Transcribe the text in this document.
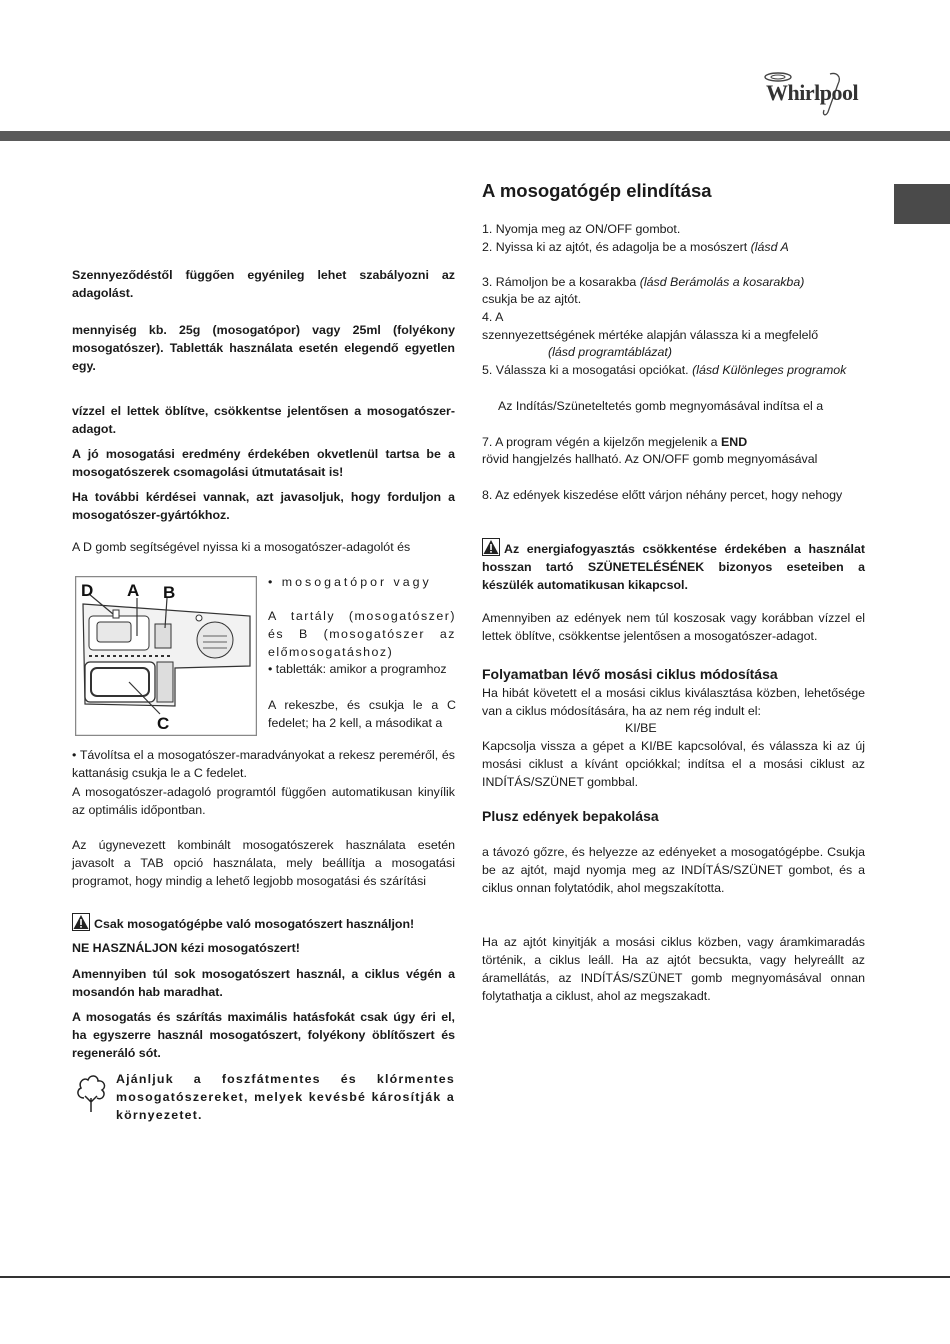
Whirlpool
A mosogatógép elindítása

1. Nyomja meg az ON/OFF gombot.

2. Nyissa ki az ajtót, és adagolja be a mosószert (lásd A

3. Rámoljon be a kosarakba (lásd Berámolás a kosarakba)

csukja be az ajtót.

4. A

szennyezettségének mértéke alapján válassza ki a megfelelő

(lásd programtáblázat)

5. Válassza ki a mosogatási opciókat. (lásd Különleges programok

Az Indítás/Szüneteltetés gomb megnyomásával indítsa el a

7. A program végén a kijelzőn megjelenik a END

rövid hangjelzés hallható. Az ON/OFF gomb megnyomásával

8. Az edények kiszedése előtt várjon néhány percet, hogy nehogy

Az energiafogyasztás csökkentése érdekében a használat hosszan tartó SZÜNETELÉSÉNEK bizonyos eseteiben a készülék automatikusan kikapcsol.

Amennyiben az edények nem túl koszosak vagy korábban vízzel el lettek öblítve, csökkentse jelentősen a mosogatószer-adagot.

Folyamatban lévő mosási ciklus módosítása

Ha hibát követett el a mosási ciklus kiválasztása közben, lehetősége van a ciklus módosítására, ha az nem rég indult el:

KI/BE

Kapcsolja vissza a gépet a KI/BE kapcsolóval, és válassza ki az új mosási ciklust a kívánt opciókkal; indítsa el a mosási ciklust az INDÍTÁS/SZÜNET gombbal.

Plusz edények bepakolása

a távozó gőzre, és helyezze az edényeket a mosogatógépbe. Csukja be az ajtót, majd nyomja meg az INDÍTÁS/SZÜNET gombot, és a ciklus onnan folytatódik, ahol megszakította.

Ha az ajtót kinyitják a mosási ciklus közben, vagy áramkimaradás történik, a ciklus leáll. Ha az ajtót becsukta, vagy helyreállt az áramellátás, az INDÍTÁS/SZÜNET gomb megnyomásával onnan folytathatja a ciklust, ahol az megszakadt.

Szennyeződéstől függően egyénileg lehet szabályozni az adagolást.

mennyiség kb. 25g (mosogatópor) vagy 25ml (folyékony mosogatószer). Tabletták használata esetén elegendő egyetlen egy.

vízzel el lettek öblítve, csökkentse jelentősen a mosogatószer-adagot.

A jó mosogatási eredmény érdekében okvetlenül tartsa be a mosogatószerek csomagolási útmutatásait is!

Ha további kérdései vannak, azt javasoljuk, hogy forduljon a mosogatószer-gyártókhoz.

A D gomb segítségével nyissa ki a mosogatószer-adagolót és

D A B
C

• mosogatópor vagy

A tartály (mosogatószer) és B (mosogatószer az előmosogatáshoz)

• tabletták: amikor a programhoz

A rekeszbe, és csukja le a C fedelet; ha 2 kell, a másodikat a

• Távolítsa el a mosogatószer-maradványokat a rekesz pereméről, és kattanásig csukja le a C fedelet.

A mosogatószer-adagoló programtól függően automatikusan kinyílik az optimális időpontban.

Az úgynevezett kombinált mosogatószerek használata esetén javasolt a TAB opció használata, mely beállítja a mosogatási programot, hogy mindig a lehető legjobb mosogatási és szárítási

Csak mosogatógépbe való mosogatószert használjon!

NE HASZNÁLJON kézi mosogatószert!

Amennyiben túl sok mosogatószert használ, a ciklus végén a mosandón hab maradhat.

A mosogatás és szárítás maximális hatásfokát csak úgy éri el, ha egyszerre használ mosogatószert, folyékony öblítőszert és regeneráló sót.

Ajánljuk a foszfátmentes és klórmentes mosogatószereket, melyek kevésbé károsítják a környezetet.
